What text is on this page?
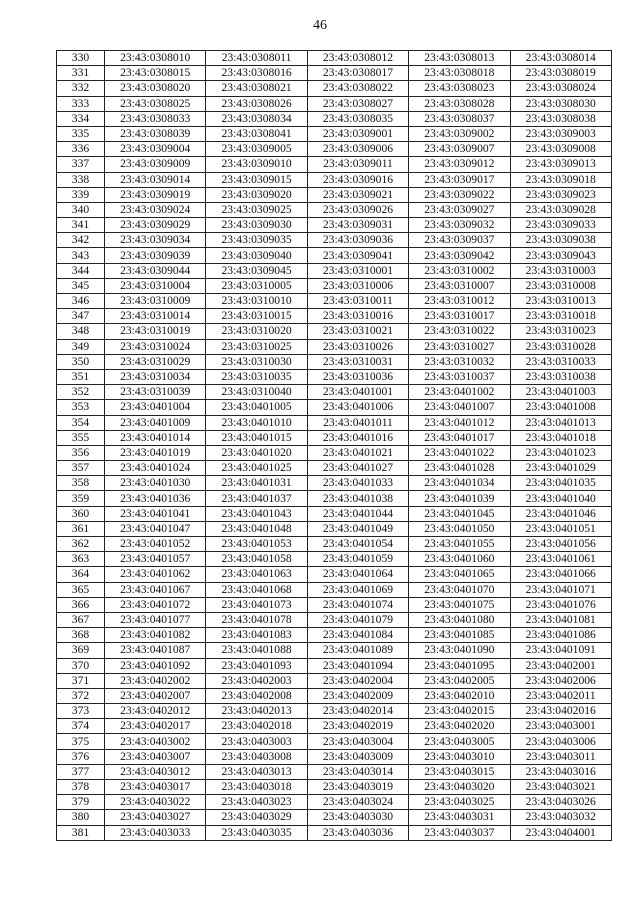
46
330	23:43:0308010	23:43:0308011	23:43:0308012	23:43:0308013	23:43:0308014
331	23:43:0308015	23:43:0308016	23:43:0308017	23:43:0308018	23:43:0308019
332	23:43:0308020	23:43:0308021	23:43:0308022	23:43:0308023	23:43:0308024
333	23:43:0308025	23:43:0308026	23:43:0308027	23:43:0308028	23:43:0308030
334	23:43:0308033	23:43:0308034	23:43:0308035	23:43:0308037	23:43:0308038
335	23:43:0308039	23:43:0308041	23:43:0309001	23:43:0309002	23:43:0309003
336	23:43:0309004	23:43:0309005	23:43:0309006	23:43:0309007	23:43:0309008
337	23:43:0309009	23:43:0309010	23:43:0309011	23:43:0309012	23:43:0309013
338	23:43:0309014	23:43:0309015	23:43:0309016	23:43:0309017	23:43:0309018
339	23:43:0309019	23:43:0309020	23:43:0309021	23:43:0309022	23:43:0309023
340	23:43:0309024	23:43:0309025	23:43:0309026	23:43:0309027	23:43:0309028
341	23:43:0309029	23:43:0309030	23:43:0309031	23:43:0309032	23:43:0309033
342	23:43:0309034	23:43:0309035	23:43:0309036	23:43:0309037	23:43:0309038
343	23:43:0309039	23:43:0309040	23:43:0309041	23:43:0309042	23:43:0309043
344	23:43:0309044	23:43:0309045	23:43:0310001	23:43:0310002	23:43:0310003
345	23:43:0310004	23:43:0310005	23:43:0310006	23:43:0310007	23:43:0310008
346	23:43:0310009	23:43:0310010	23:43:0310011	23:43:0310012	23:43:0310013
347	23:43:0310014	23:43:0310015	23:43:0310016	23:43:0310017	23:43:0310018
348	23:43:0310019	23:43:0310020	23:43:0310021	23:43:0310022	23:43:0310023
349	23:43:0310024	23:43:0310025	23:43:0310026	23:43:0310027	23:43:0310028
350	23:43:0310029	23:43:0310030	23:43:0310031	23:43:0310032	23:43:0310033
351	23:43:0310034	23:43:0310035	23:43:0310036	23:43:0310037	23:43:0310038
352	23:43:0310039	23:43:0310040	23:43:0401001	23:43:0401002	23:43:0401003
353	23:43:0401004	23:43:0401005	23:43:0401006	23:43:0401007	23:43:0401008
354	23:43:0401009	23:43:0401010	23:43:0401011	23:43:0401012	23:43:0401013
355	23:43:0401014	23:43:0401015	23:43:0401016	23:43:0401017	23:43:0401018
356	23:43:0401019	23:43:0401020	23:43:0401021	23:43:0401022	23:43:0401023
357	23:43:0401024	23:43:0401025	23:43:0401027	23:43:0401028	23:43:0401029
358	23:43:0401030	23:43:0401031	23:43:0401033	23:43:0401034	23:43:0401035
359	23:43:0401036	23:43:0401037	23:43:0401038	23:43:0401039	23:43:0401040
360	23:43:0401041	23:43:0401043	23:43:0401044	23:43:0401045	23:43:0401046
361	23:43:0401047	23:43:0401048	23:43:0401049	23:43:0401050	23:43:0401051
362	23:43:0401052	23:43:0401053	23:43:0401054	23:43:0401055	23:43:0401056
363	23:43:0401057	23:43:0401058	23:43:0401059	23:43:0401060	23:43:0401061
364	23:43:0401062	23:43:0401063	23:43:0401064	23:43:0401065	23:43:0401066
365	23:43:0401067	23:43:0401068	23:43:0401069	23:43:0401070	23:43:0401071
366	23:43:0401072	23:43:0401073	23:43:0401074	23:43:0401075	23:43:0401076
367	23:43:0401077	23:43:0401078	23:43:0401079	23:43:0401080	23:43:0401081
368	23:43:0401082	23:43:0401083	23:43:0401084	23:43:0401085	23:43:0401086
369	23:43:0401087	23:43:0401088	23:43:0401089	23:43:0401090	23:43:0401091
370	23:43:0401092	23:43:0401093	23:43:0401094	23:43:0401095	23:43:0402001
371	23:43:0402002	23:43:0402003	23:43:0402004	23:43:0402005	23:43:0402006
372	23:43:0402007	23:43:0402008	23:43:0402009	23:43:0402010	23:43:0402011
373	23:43:0402012	23:43:0402013	23:43:0402014	23:43:0402015	23:43:0402016
374	23:43:0402017	23:43:0402018	23:43:0402019	23:43:0402020	23:43:0403001
375	23:43:0403002	23:43:0403003	23:43:0403004	23:43:0403005	23:43:0403006
376	23:43:0403007	23:43:0403008	23:43:0403009	23:43:0403010	23:43:0403011
377	23:43:0403012	23:43:0403013	23:43:0403014	23:43:0403015	23:43:0403016
378	23:43:0403017	23:43:0403018	23:43:0403019	23:43:0403020	23:43:0403021
379	23:43:0403022	23:43:0403023	23:43:0403024	23:43:0403025	23:43:0403026
380	23:43:0403027	23:43:0403029	23:43:0403030	23:43:0403031	23:43:0403032
381	23:43:0403033	23:43:0403035	23:43:0403036	23:43:0403037	23:43:0404001
